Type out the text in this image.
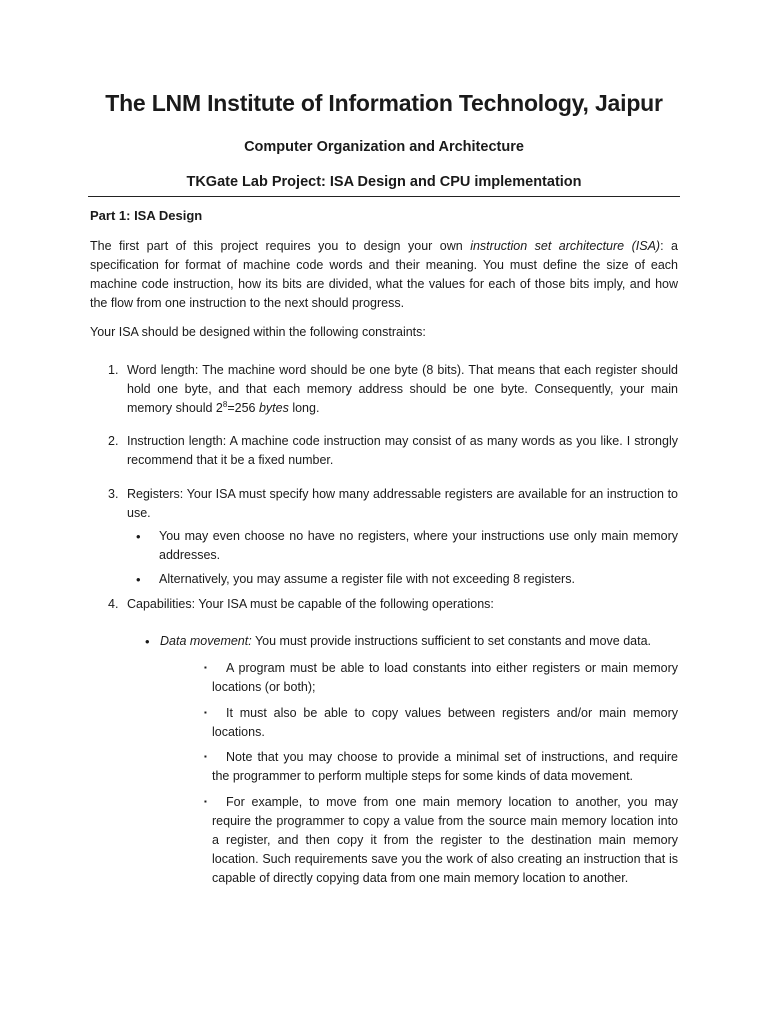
The LNM Institute of Information Technology, Jaipur
Computer Organization and Architecture
TKGate Lab Project: ISA Design and CPU implementation
Part 1: ISA Design
The first part of this project requires you to design your own instruction set architecture (ISA): a specification for format of machine code words and their meaning. You must define the size of each machine code instruction, how its bits are divided, what the values for each of those bits imply, and how the flow from one instruction to the next should progress.
Your ISA should be designed within the following constraints:
1. Word length: The machine word should be one byte (8 bits). That means that each register should hold one byte, and that each memory address should be one byte. Consequently, your main memory should $2^8=256$ bytes long.
2. Instruction length: A machine code instruction may consist of as many words as you like. I strongly recommend that it be a fixed number.
3. Registers: Your ISA must specify how many addressable registers are available for an instruction to use.
• You may even choose no have no registers, where your instructions use only main memory addresses.
• Alternatively, you may assume a register file with not exceeding 8 registers.
4. Capabilities: Your ISA must be capable of the following operations:
• Data movement: You must provide instructions sufficient to set constants and move data.
▪	A program must be able to load constants into either registers or main memory locations (or both);
▪	It must also be able to copy values between registers and/or main memory locations.
▪	Note that you may choose to provide a minimal set of instructions, and require the programmer to perform multiple steps for some kinds of data movement.
▪	For example, to move from one main memory location to another, you may require the programmer to copy a value from the source main memory location into a register, and then copy it from the register to the destination main memory location. Such requirements save you the work of also creating an instruction that is capable of directly copying data from one main memory location to another.
